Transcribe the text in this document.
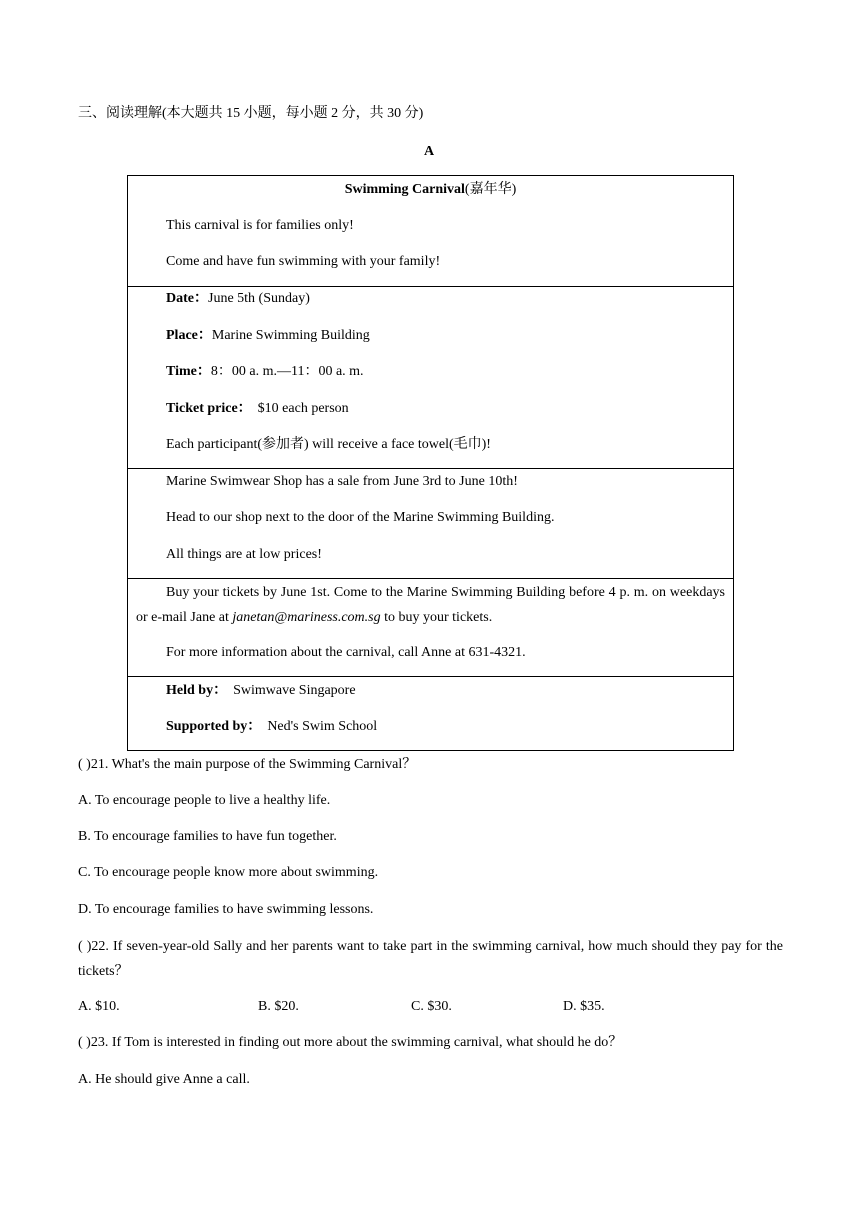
三、阅读理解(本大题共 15 小题，每小题 2 分，共 30 分)
A
Swimming Carnival(嘉年华)
This carnival is for families only!
Come and have fun swimming with your family!
Date：June 5th (Sunday)
Place：Marine Swimming Building
Time：8：00 a. m.—11：00 a. m.
Ticket price： $10 each person
Each participant(参加者) will receive a face towel(毛巾)!
Marine Swimwear Shop has a sale from June 3rd to June 10th!
Head to our shop next to the door of the Marine Swimming Building.
All things are at low prices!
Buy your tickets by June 1st. Come to the Marine Swimming Building before 4 p. m. on weekdays or e-mail Jane at janetan@mariness.com.sg to buy your tickets.
For more information about the carnival, call Anne at 631-4321.
Held by： Swimwave Singapore
Supported by： Ned's Swim School
( )21. What's the main purpose of the Swimming Carnival？
A. To encourage people to live a healthy life.
B. To encourage families to have fun together.
C. To encourage people know more about swimming.
D. To encourage families to have swimming lessons.
( )22. If seven-year-old Sally and her parents want to take part in the swimming carnival, how much should they pay for the tickets？
A. $10.	B. $20.	C. $30.	D. $35.
( )23. If Tom is interested in finding out more about the swimming carnival, what should he do？
A. He should give Anne a call.
